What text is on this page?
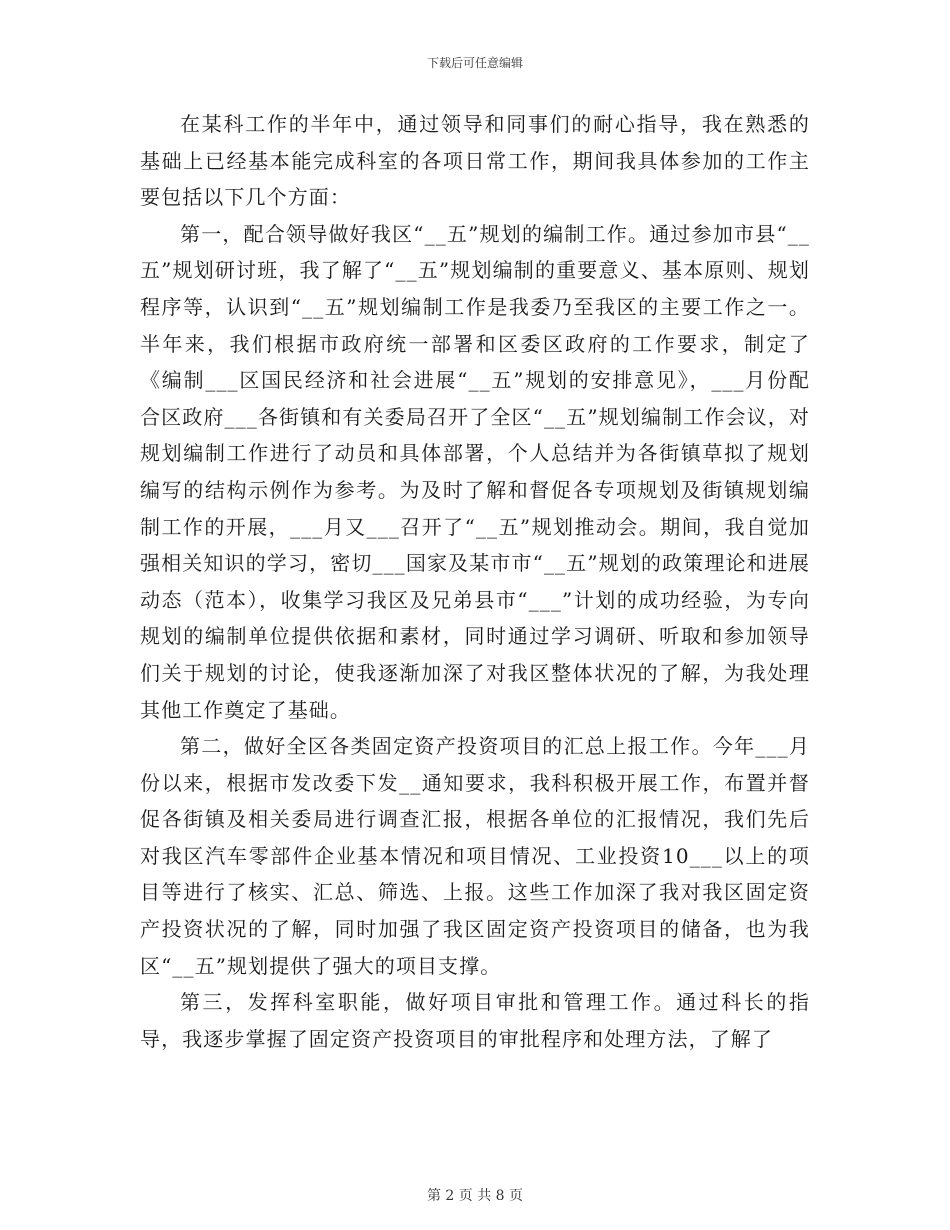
下载后可任意编辑

在某科工作的半年中，通过领导和同事们的耐心指导，我在熟悉的基础上已经基本能完成科室的各项日常工作，期间我具体参加的工作主要包括以下几个方面：

第一，配合领导做好我区“__五”规划的编制工作。通过参加市县“__五”规划研讨班，我了解了“__五”规划编制的重要意义、基本原则、规划程序等，认识到“__五”规划编制工作是我委乃至我区的主要工作之一。半年来，我们根据市政府统一部署和区委区政府的工作要求，制定了《编制___区国民经济和社会进展“__五”规划的安排意见》，___月份配合区政府___各街镇和有关委局召开了全区“__五”规划编制工作会议，对规划编制工作进行了动员和具体部署，个人总结并为各街镇草拟了规划编写的结构示例作为参考。为及时了解和督促各专项规划及街镇规划编制工作的开展，___月又___召开了“__五”规划推动会。期间，我自觉加强相关知识的学习，密切___国家及某市市“__五”规划的政策理论和进展动态（范本），收集学习我区及兄弟县市“___”计划的成功经验，为专向规划的编制单位提供依据和素材，同时通过学习调研、听取和参加领导们关于规划的讨论，使我逐渐加深了对我区整体状况的了解，为我处理其他工作奠定了基础。

第二，做好全区各类固定资产投资项目的汇总上报工作。今年___月份以来，根据市发改委下发__通知要求，我科积极开展工作，布置并督促各街镇及相关委局进行调查汇报，根据各单位的汇报情况，我们先后对我区汽车零部件企业基本情况和项目情况、工业投资10___以上的项目等进行了核实、汇总、筛选、上报。这些工作加深了我对我区固定资产投资状况的了解，同时加强了我区固定资产投资项目的储备，也为我区“__五”规划提供了强大的项目支撑。

第三，发挥科室职能，做好项目审批和管理工作。通过科长的指导，我逐步掌握了固定资产投资项目的审批程序和处理方法，了解了

第 2 页 共 8 页
